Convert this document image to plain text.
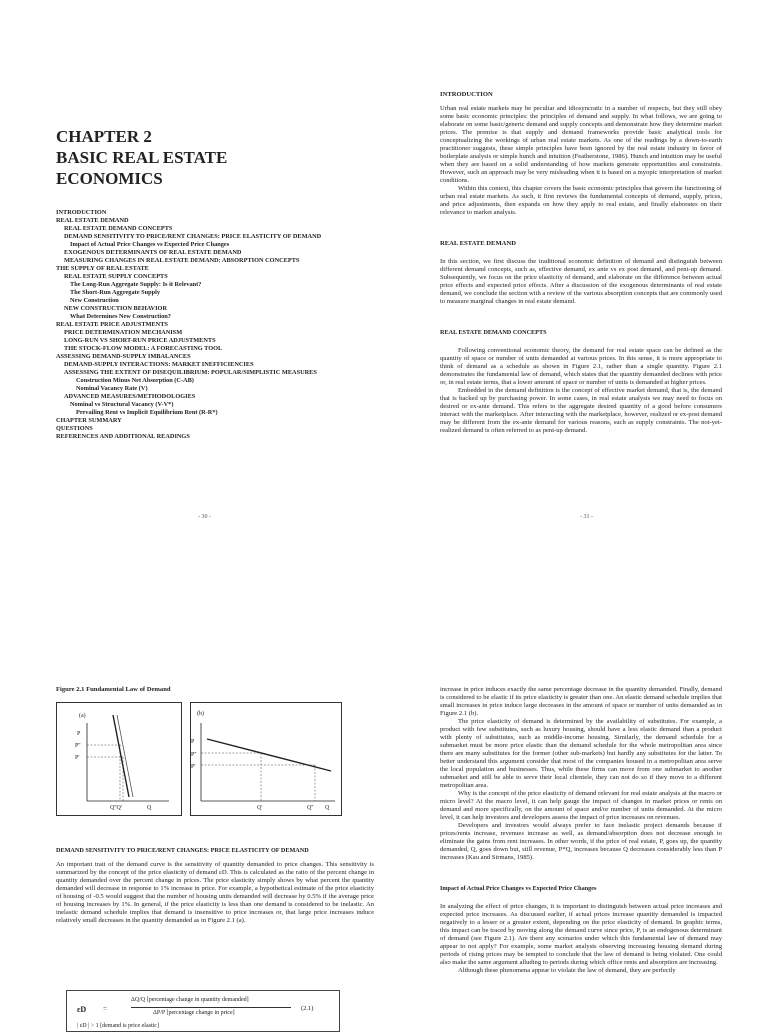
CHAPTER 2
BASIC REAL ESTATE
ECONOMICS
INTRODUCTION
REAL ESTATE DEMAND
REAL ESTATE DEMAND CONCEPTS
DEMAND SENSITIVITY TO PRICE/RENT CHANGES: PRICE ELASTICITY OF DEMAND
Impact of Actual Price Changes vs Expected Price Changes
EXOGENOUS DETERMINANTS OF REAL ESTATE DEMAND
MEASURING CHANGES IN REAL ESTATE DEMAND: ABSORPTION CONCEPTS
THE SUPPLY OF REAL ESTATE
REAL ESTATE SUPPLY CONCEPTS
The Long-Run Aggregate Supply: Is it Relevant?
The Short-Run Aggregate Supply
New Construction
NEW CONSTRUCTION BEHAVIOR
What Determines New Construction?
REAL ESTATE PRICE ADJUSTMENTS
PRICE DETERMINATION MECHANISM
LONG-RUN VS SHORT-RUN PRICE ADJUSTMENTS
THE STOCK-FLOW MODEL: A FORECASTING TOOL
ASSESSING DEMAND-SUPPLY IMBALANCES
DEMAND-SUPPLY INTERACTIONS: MARKET INEFFICIENCIES
ASSESSING THE EXTENT OF DISEQUILIBRIUM: POPULAR/SIMPLISTIC MEASURES
Construction Minus Net Absorption (C-AB)
Nominal Vacancy Rate (V)
ADVANCED MEASURES/METHODOLOGIES
Nominal vs Structural Vacancy (V-V*)
Prevailing Rent vs Implicit Equilibrium Rent (R-R*)
CHAPTER SUMMARY
QUESTIONS
REFERENCES AND ADDITIONAL READINGS
- 30 -
INTRODUCTION

Urban real estate markets may be peculiar and idiosyncratic in a number of respects, but they still obey some basic economic principles: the principles of demand and supply. In what follows, we are going to elaborate on some basic/generic demand and supply concepts and demonstrate how they determine market prices. The premise is that supply and demand frameworks provide basic analytical tools for conceptualizing the workings of urban real estate markets. As one of the readings by a down-to-earth practitioner suggests, these simple principles have been ignored by the real estate industry in favor of boilerplate analysis or simple hunch and intuition (Featherstone, 1986). Hunch and intuition may be useful when they are based on a solid understanding of how markets generate opportunities and constraints. However, such an approach may be very misleading when it is based on a myopic interpretation of market conditions.

Within this context, this chapter covers the basic economic principles that govern the functioning of urban real estate markets. As such, it first reviews the fundamental concepts of demand, supply, prices, and price adjustments, then expands on how they apply to real estate, and finally elaborates on their relevance to market analysis.

REAL ESTATE DEMAND

In this section, we first discuss the traditional economic definition of demand and distinguish between different demand concepts, such as, effective demand, ex ante vs ex post demand, and pent-up demand. Subsequently, we focus on the price elasticity of demand, and elaborate on the difference between actual price effects and expected price effects. After a discussion of the exogenous determinants of real estate demand, we conclude the section with a review of the various absorption concepts that are commonly used to measure marginal changes in real estate demand.

REAL ESTATE DEMAND CONCEPTS

Following conventional economic theory, the demand for real estate space can be defined as the quantity of space or number of units demanded at various prices. In this sense, it is more appropriate to think of demand as a schedule as shown in Figure 2.1, rather than a single quantity. Figure 2.1 demonstrates the fundamental law of demand, which states that the quantity demanded declines with price or, in real estate terms, that a lower amount of space or number of units is demanded at higher prices.

Embedded in the demand definition is the concept of effective market demand, that is, the demand that is backed up by purchasing power. In some cases, in real estate analysis we may need to focus on desired or ex-ante demand. This refers to the aggregate desired quantity of a good before consumers interact with the marketplace. After interacting with the marketplace, however, realized or ex-post demand may be different from the ex-ante demand for various reasons, such as supply constraints. The not-yet-realized demand is often referred to as pent-up demand.

- 31 -
Figure 2.1 Fundamental Law of Demand
(a)
P
P''
P'
Q''Q'	Q
(b)
P
P''
P'
Q'	Q'' Q
DEMAND SENSITIVITY TO PRICE/RENT CHANGES: PRICE ELASTICITY OF DEMAND

An important trait of the demand curve is the sensitivity of quantity demanded to price changes. This sensitivity is summarized by the concept of the price elasticity of demand εD. This is calculated as the ratio of the percent change in quantity demanded over the percent change in prices. The price elasticity simply shows by what percent the quantity demanded will decrease in response to 1% increase in price. For example, a hypothetical estimate of the price elasticity of housing of -0.5 would suggest that the number of housing units demanded will decrease by 0.5% if the average price of housing increases by 1%. In general, if the price elasticity is less than one demand is considered to be inelastic. An inelastic demand schedule implies that demand is insensitive to price increases or, that large price increases induce relatively small decreases in the quantity demanded as in Figure 2.1 (a).

εD =
ΔQ/Q [percentage change in quantity demanded]
ΔP/P [percentage change in price]
(2.1)
| εD | > 1 [demand is price elastic]

increase in price induces exactly the same percentage decrease in the quantity demanded. Finally, demand is considered to be elastic if its price elasticity is greater than one. An elastic demand schedule implies that small increases in price induce large decreases in the amount of space or number of units demanded as in Figure 2.1 (b).

The price elasticity of demand is determined by the availability of substitutes. For example, a product with few substitutes, such as luxury housing, should have a less elastic demand than a product with plenty of substitutes, such as middle-income housing. Similarly, the demand schedule for a submarket must be more price elastic than the demand schedule for the whole metropolitan area since there are many substitutes for the former (other sub-markets) but hardly any substitutes for the latter. To better understand this argument consider that most of the companies housed in a metropolitan area serve the local population and businesses. Thus, while these firms can move from one submarket to another submarket and still be able to serve their local clientele, they can not do so if they move to a different metropolitan area.

Why is the concept of the price elasticity of demand relevant for real estate analysis at the macro or micro level? At the macro level, it can help gauge the impact of changes in market prices or rents on demand and more specifically, on the amount of space and/or number of units demanded. At the micro level, it can help investors and developers assess the impact of price increases on revenues.

Developers and investors would always prefer to face inelastic project demands because if prices/rents increase, revenues increase as well, as demand/absorption does not decrease enough to eliminate the gains from rent increases. In other words, if the price of real estate, P, goes up, the quantity demanded, Q, goes down but, still revenue, P*Q, increases because Q decreases considerably less than P increases (Kau and Sirmans, 1985).

Impact of Actual Price Changes vs Expected Price Changes

In analyzing the effect of price changes, it is important to distinguish between actual price increases and expected price increases. As discussed earlier, if actual prices increase quantity demanded is impacted negatively to a lesser or a greater extent, depending on the price elasticity of demand. In graphic terms, this impact can be traced by moving along the demand curve since price, P, is an endogenous determinant of demand (see Figure 2.1). Are there any scenarios under which this fundamental law of demand may appear to not apply? For example, some market analysts observing increasing housing demand during periods of rising prices may be tempted to conclude that the law of demand is being violated. One could also make the same argument alluding to periods during which office rents and absorption are increasing.

Although these phenomena appear to violate the law of demand, they are perfectly
